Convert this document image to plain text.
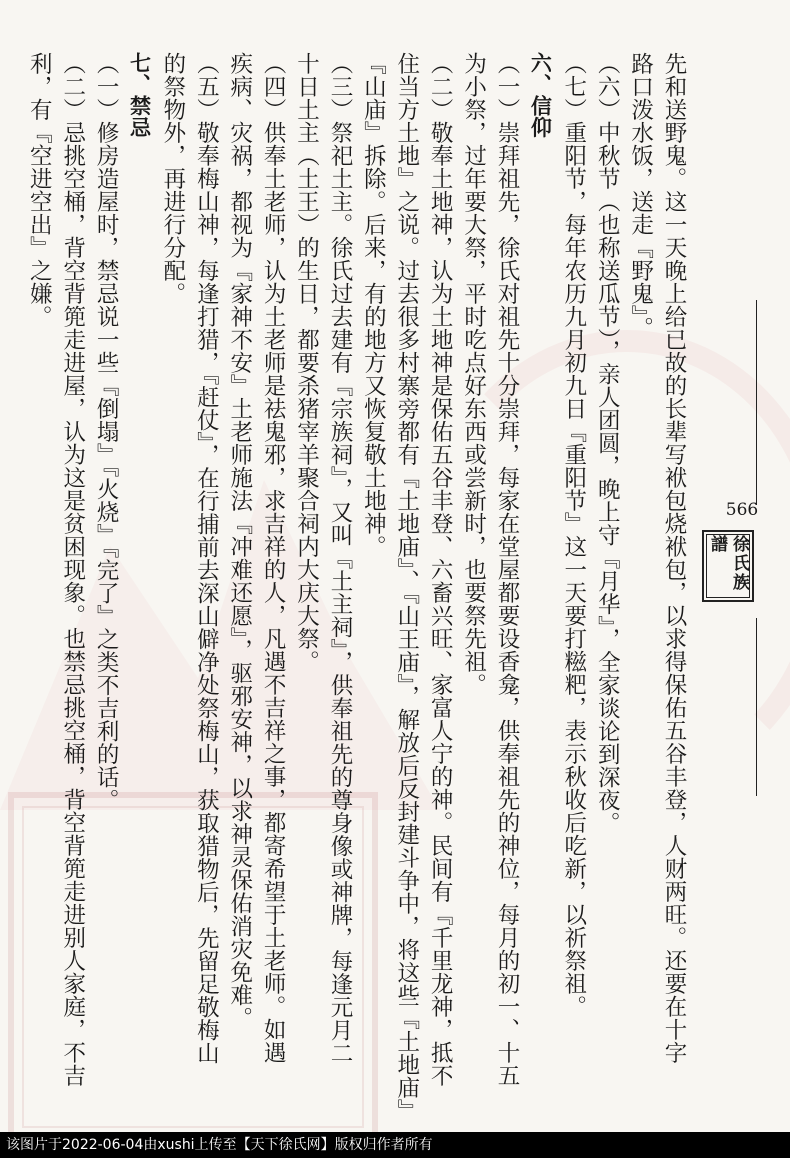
566
徐氏族譜
先和送野鬼。这一天晚上给已故的长辈写袱包烧袱包，以求得保佑五谷丰登，人财两旺。还要在十字
路口泼水饭，送走『野鬼』。
（六）中秋节（也称送瓜节），亲人团圆，晚上守『月华』，全家谈论到深夜。
（七）重阳节，每年农历九月初九日『重阳节』这一天要打糍粑，表示秋收后吃新，以祈祭祖。
六、信仰
（一）崇拜祖先，徐氏对祖先十分崇拜，每家在堂屋都要设香龛，供奉祖先的神位，每月的初一、十五
为小祭，过年要大祭，平时吃点好东西或尝新时，也要祭先祖。
（二）敬奉土地神，认为土地神是保佑五谷丰登、六畜兴旺、家富人宁的神。民间有『千里龙神，抵不
住当方土地』之说。过去很多村寨旁都有『土地庙』、『山王庙』，解放后反封建斗争中，将这些『土地庙』
『山庙』拆除。后来，有的地方又恢复敬土地神。
（三）祭祀土主。徐氏过去建有『宗族祠』，又叫『土主祠』，供奉祖先的尊身像或神牌，每逢元月二
十日土主（土王）的生日，都要杀猪宰羊聚合祠内大庆大祭。
（四）供奉土老师，认为土老师是祛鬼邪，求吉祥的人，凡遇不吉祥之事，都寄希望于土老师。如遇
疾病、灾祸，都视为『家神不安』土老师施法『冲难还愿』，驱邪安神，以求神灵保佑消灾免难。
（五）敬奉梅山神，每逢打猎，『赶仗』，在行捕前去深山僻净处祭梅山，获取猎物后，先留足敬梅山
的祭物外，再进行分配。
七、禁忌
（一）修房造屋时，禁忌说一些『倒塌』『火烧』『完了』之类不吉利的话。
（二）忌挑空桶，背空背篼走进屋，认为这是贫困现象。也禁忌挑空桶，背空背篼走进别人家庭，不吉
利，有『空进空出』之嫌。
该图片于2022-06-04由xushi上传至【天下徐氏网】版权归作者所有
